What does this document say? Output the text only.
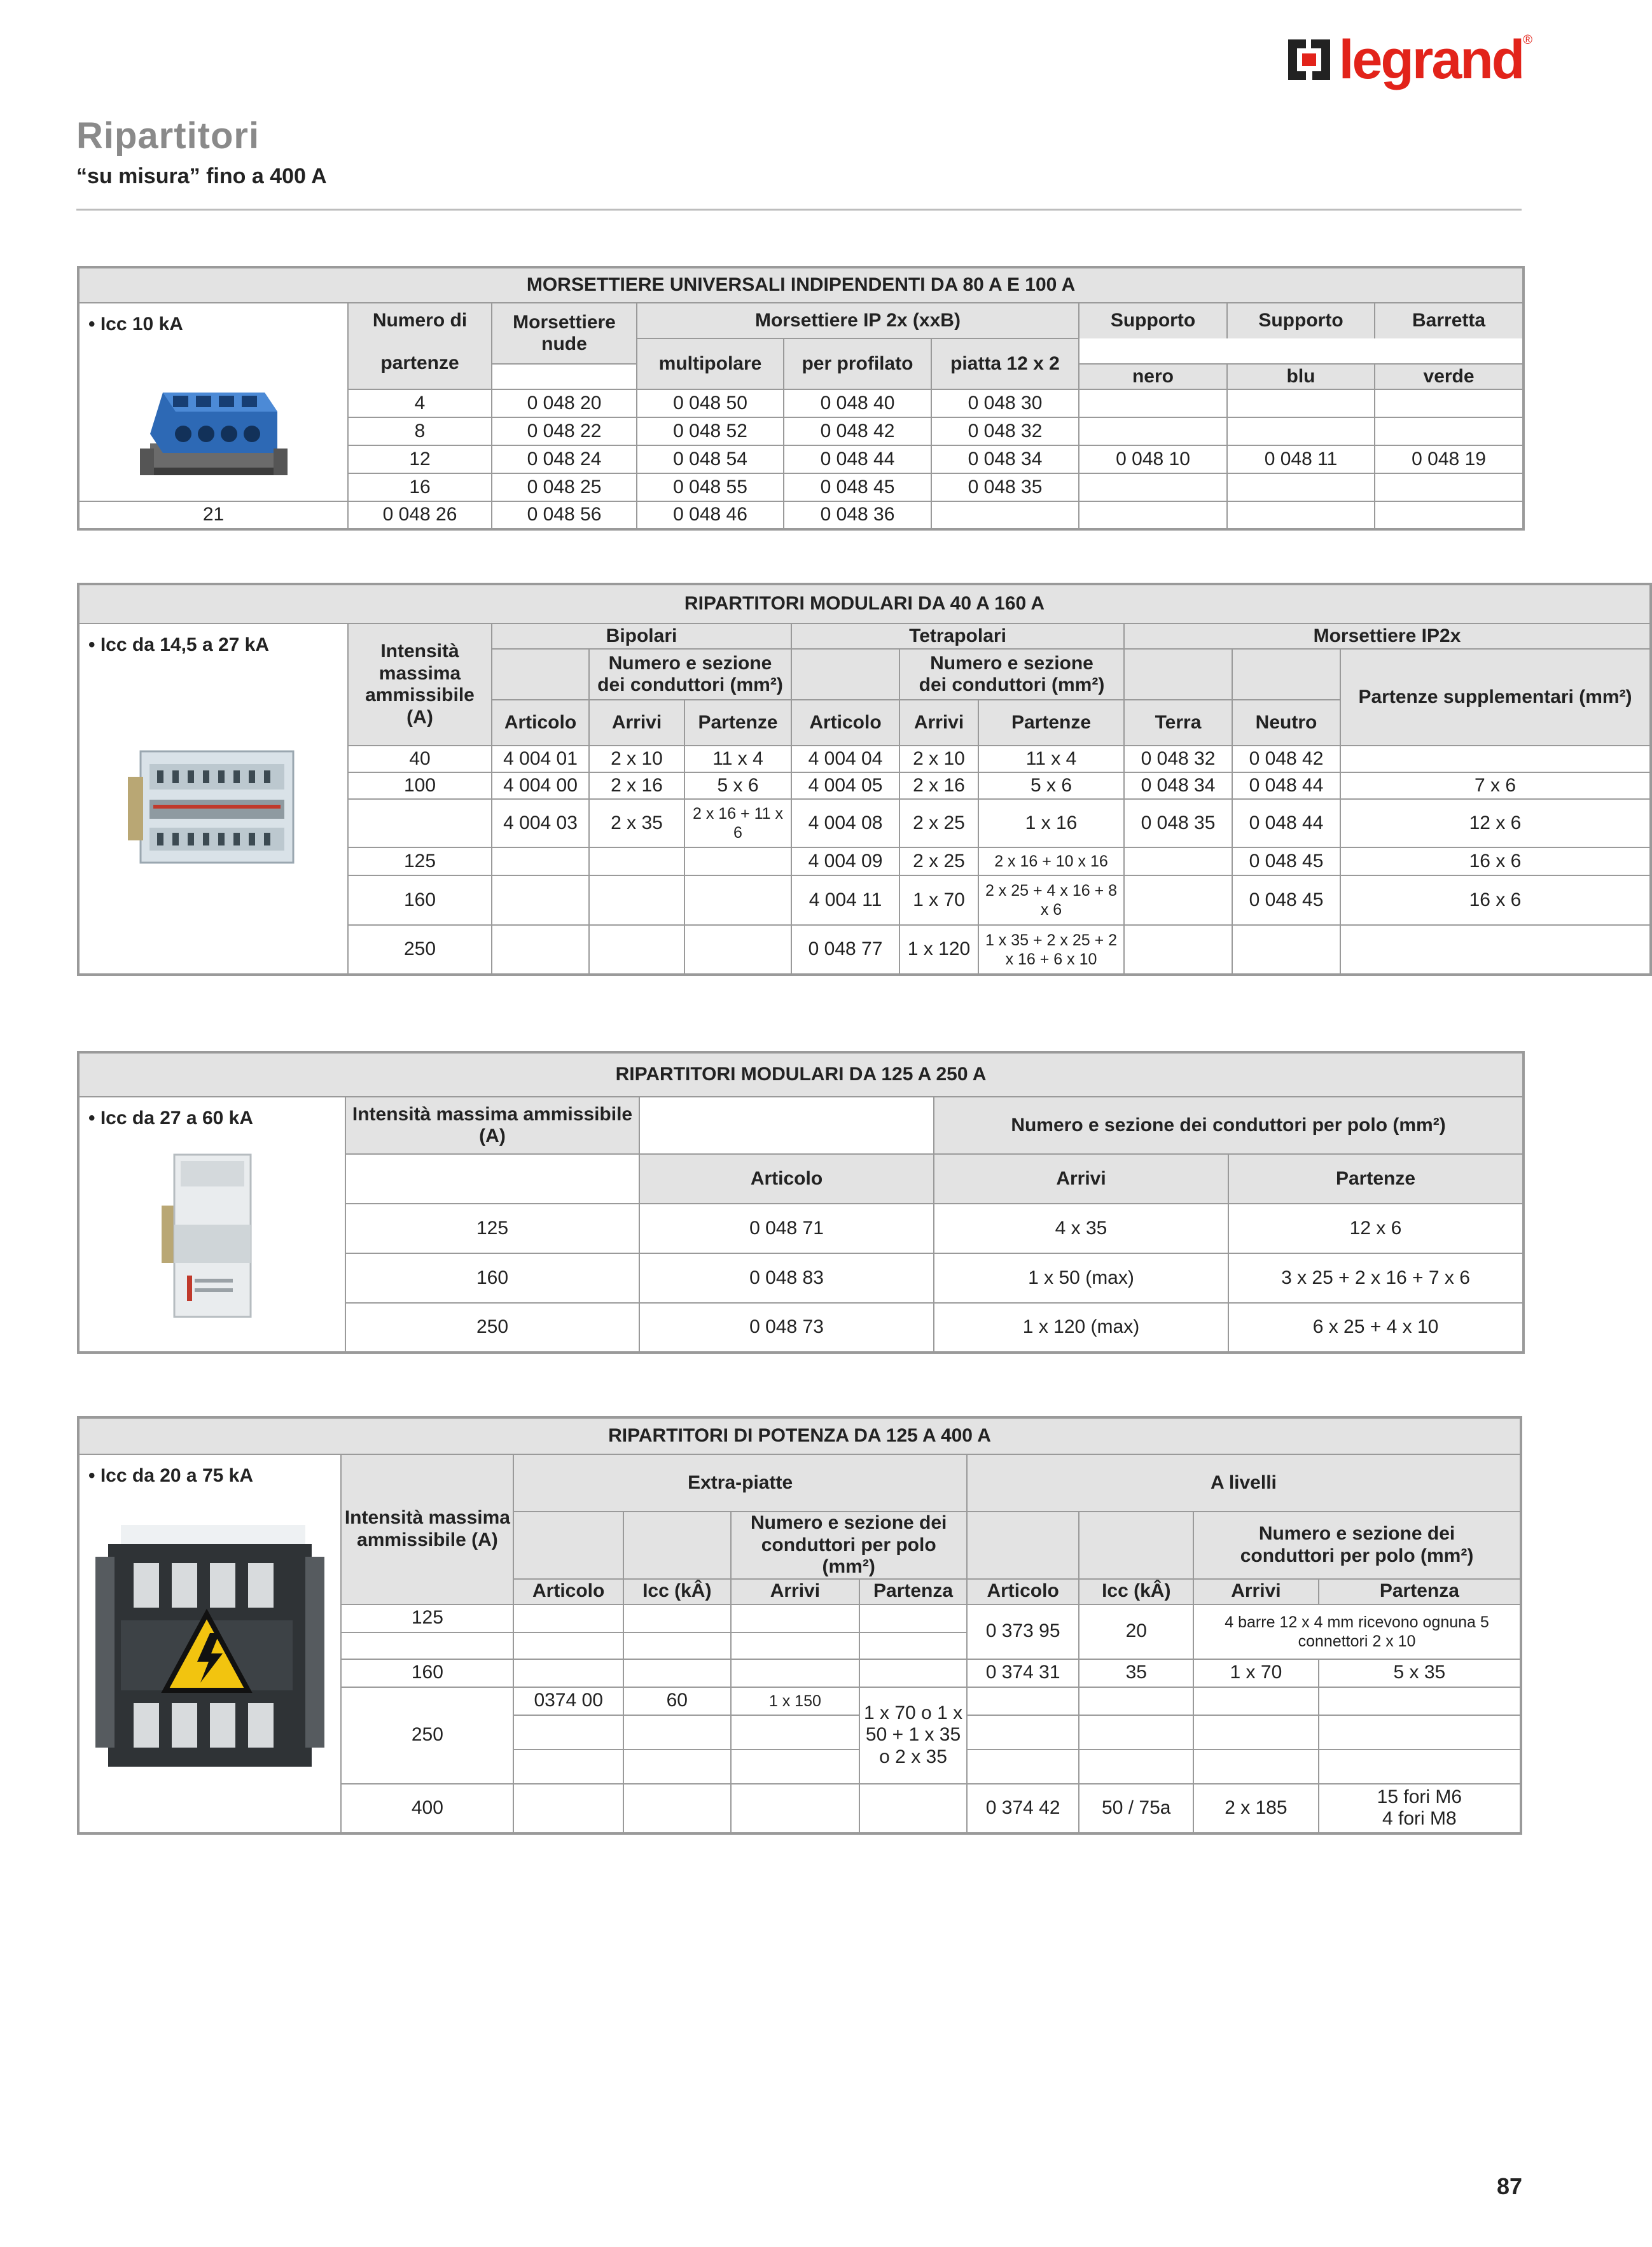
legrand ®
Ripartitori
“su misura” fino a 400 A
MORSETTIERE UNIVERSALI INDIPENDENTI DA 80 A E 100 A								
• Icc 10 kA	Numero di	Morsettiere
nude	Morsettiere IP 2x (xxB)			Supporto	Supporto	Barretta
	partenze		multipolare	per profilato	piatta 12 x 2			
						nero	blu	verde
	4	0 048 20	0 048 50	0 048 40	0 048 30			
	8	0 048 22	0 048 52	0 048 42	0 048 32			
	12	0 048 24	0 048 54	0 048 44	0 048 34	0 048 10	0 048 11	0 048 19
	16	0 048 25	0 048 55	0 048 45	0 048 35			
21	0 048 26	0 048 56	0 048 46	0 048 36				
RIPARTITORI MODULARI DA 40 A 160 A										
• Icc da 14,5 a 27 kA	Intensità massima ammissibile (A)	Bipolari			Tetrapolari			Morsettiere IP2x		
			Numero e sezione
dei conduttori (mm²)			Numero e sezione
dei conduttori (mm²)				Partenze supplementari (mm²)
		Articolo	Arrivi	Partenze	Articolo	Arrivi	Partenze	Terra	Neutro	
	40	4 004 01	2 x 10	11 x 4	4 004 04	2 x 10	11 x 4	0 048 32	0 048 42	
	100	4 004 00	2 x 16	5 x 6	4 004 05	2 x 16	5 x 6	0 048 34	0 048 44	7 x 6
		4 004 03	2 x 35	2 x 16 + 11 x 6	4 004 08	2 x 25	1 x 16	0 048 35	0 048 44	12 x 6
	125				4 004 09	2 x 25	2 x 16 + 10 x 16		0 048 45	16 x 6
	160				4 004 11	1 x 70	2 x 25 + 4 x 16 + 8 x 6		0 048 45	16 x 6
	250				0 048 77	1 x 120	1 x 35 + 2 x 25 + 2 x 16 + 6 x 10			
RIPARTITORI MODULARI DA 125 A 250 A				
• Icc da 27 a 60 kA	Intensità massima ammissibile (A)		Numero e sezione dei conduttori per polo (mm²)	
		Articolo	Arrivi	Partenze
	125	0 048 71	4 x 35	12 x 6
	160	0 048 83	1 x 50 (max)	3 x 25 + 2 x 16 + 7 x 6
	250	0 048 73	1 x 120 (max)	6 x 25 + 4 x 10
RIPARTITORI DI POTENZA DA 125 A 400 A									
• Icc da 20 a 75 kA	Intensità massima ammissibile (A)	Extra-piatte				A livelli			
				Numero e sezione dei
conduttori per polo (mm²)				Numero e sezione dei
conduttori per polo (mm²)	
		Articolo	Icc (kÂ)	Arrivi	Partenza	Articolo	Icc (kÂ)	Arrivi	Partenza
	125					0 373 95	20	4 barre 12 x 4 mm ricevono ognuna 5 connettori 2 x 10	

	160					0 374 31	35	1 x 70	5 x 35
	250	0374 00	60	1 x 150	1 x 70 o 1 x 50 + 1 x 35 o 2 x 35				

	400					0 374 42	50 / 75a	2 x 185	15 fori M6
4 fori M8
87
